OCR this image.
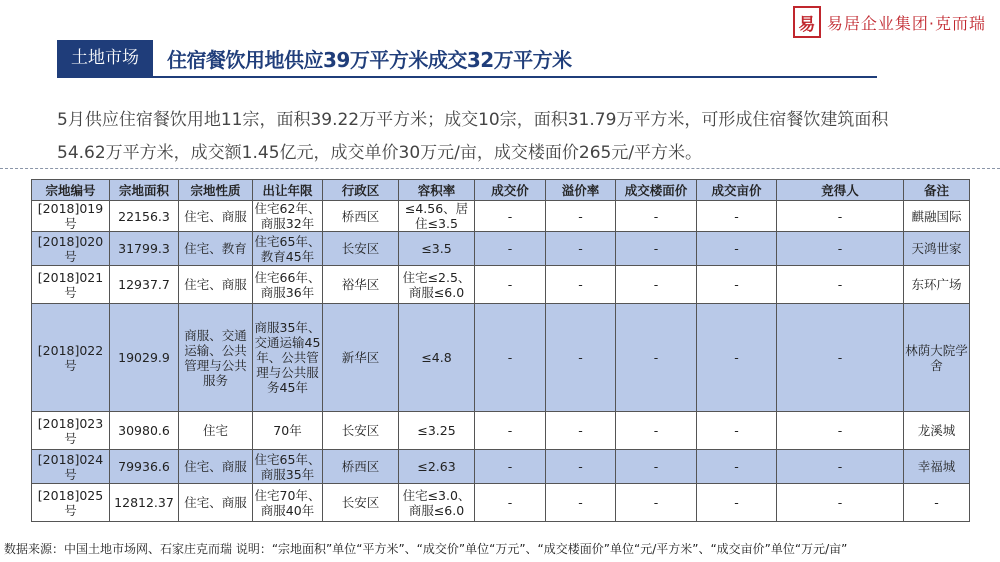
易 易居企业集团·克而瑞
土地市场	住宿餐饮用地供应39万平方米成交32万平方米

5月供应住宿餐饮用地11宗，面积39.22万平方米；成交10宗，面积31.79万平方米，可形成住宿餐饮建筑面积

54.62万平方米，成交额1.45亿元，成交单价30万元/亩，成交楼面价265元/平方米。

宗地编号	宗地面积	宗地性质	出让年限	行政区	容积率	成交价	溢价率	成交楼面价	成交亩价	竞得人	备注
[2018]019号	22156.3	住宅、商服	住宅62年、商服32年	桥西区	≤4.56、居住≤3.5	-	-	-	-	-	麒融国际
[2018]020号	31799.3	住宅、教育	住宅65年、教育45年	长安区	≤3.5	-	-	-	-	-	天鸿世家
[2018]021号	12937.7	住宅、商服	住宅66年、商服36年	裕华区	住宅≤2.5、商服≤6.0	-	-	-	-	-	东环广场
[2018]022号	19029.9	商服、交通运输、公共管理与公共服务	商服35年、交通运输45年、公共管理与公共服务45年	新华区	≤4.8	-	-	-	-	-	林荫大院学舍
[2018]023号	30980.6	住宅	70年	长安区	≤3.25	-	-	-	-	-	龙溪城
[2018]024号	79936.6	住宅、商服	住宅65年、商服35年	桥西区	≤2.63	-	-	-	-	-	幸福城
[2018]025号	12812.37	住宅、商服	住宅70年、商服40年	长安区	住宅≤3.0、商服≤6.0	-	-	-	-	-	-
数据来源：中国土地市场网、石家庄克而瑞 说明：“宗地面积”单位“平方米”、“成交价”单位“万元”、“成交楼面价”单位“元/平方米”、“成交亩价”单位“万元/亩”
